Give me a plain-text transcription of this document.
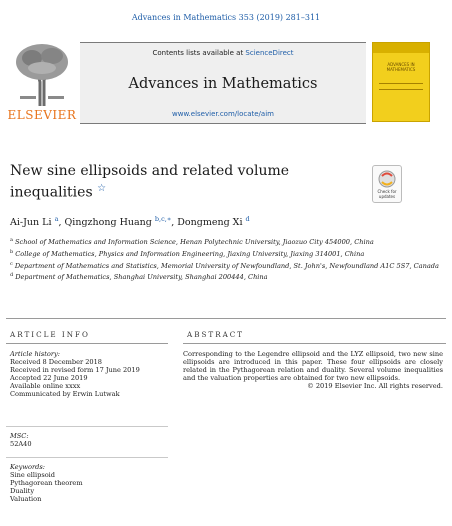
Advances in Mathematics 353 (2019) 281–311
ELSEVIER
Contents lists available at ScienceDirect
Advances in Mathematics
www.elsevier.com/locate/aim
ADVANCES IN
MATHEMATICS
New sine ellipsoids and related volume inequalities ☆	Check for updates
Ai-Jun Li $^a$, Qingzhong Huang $^{b,c,∗}$, Dongmeng Xi $^d$
$^a$ School of Mathematics and Information Science, Henan Polytechnic University, Jiaozuo City 454000, China
$^b$ College of Mathematics, Physics and Information Engineering, Jiaxing University, Jiaxing 314001, China
$^c$ Department of Mathematics and Statistics, Memorial University of Newfoundland, St. John's, Newfoundland A1C 5S7, Canada
$^d$ Department of Mathematics, Shanghai University, Shanghai 200444, China
ARTICLE INFO	ABSTRACT
Article history:
Received 8 December 2018
Received in revised form 17 June 2019
Accepted 22 June 2019
Available online xxxx
Communicated by Erwin Lutwak
MSC:
52A40
Keywords:
Sine ellipsoid
Pythagorean theorem
Duality
Valuation
Corresponding to the Legendre ellipsoid and the LYZ ellipsoid, two new sine ellipsoids are introduced in this paper. These four ellipsoids are closely related in the Pythagorean relation and duality. Several volume inequalities and the valuation properties are obtained for two new ellipsoids.
© 2019 Elsevier Inc. All rights reserved.
